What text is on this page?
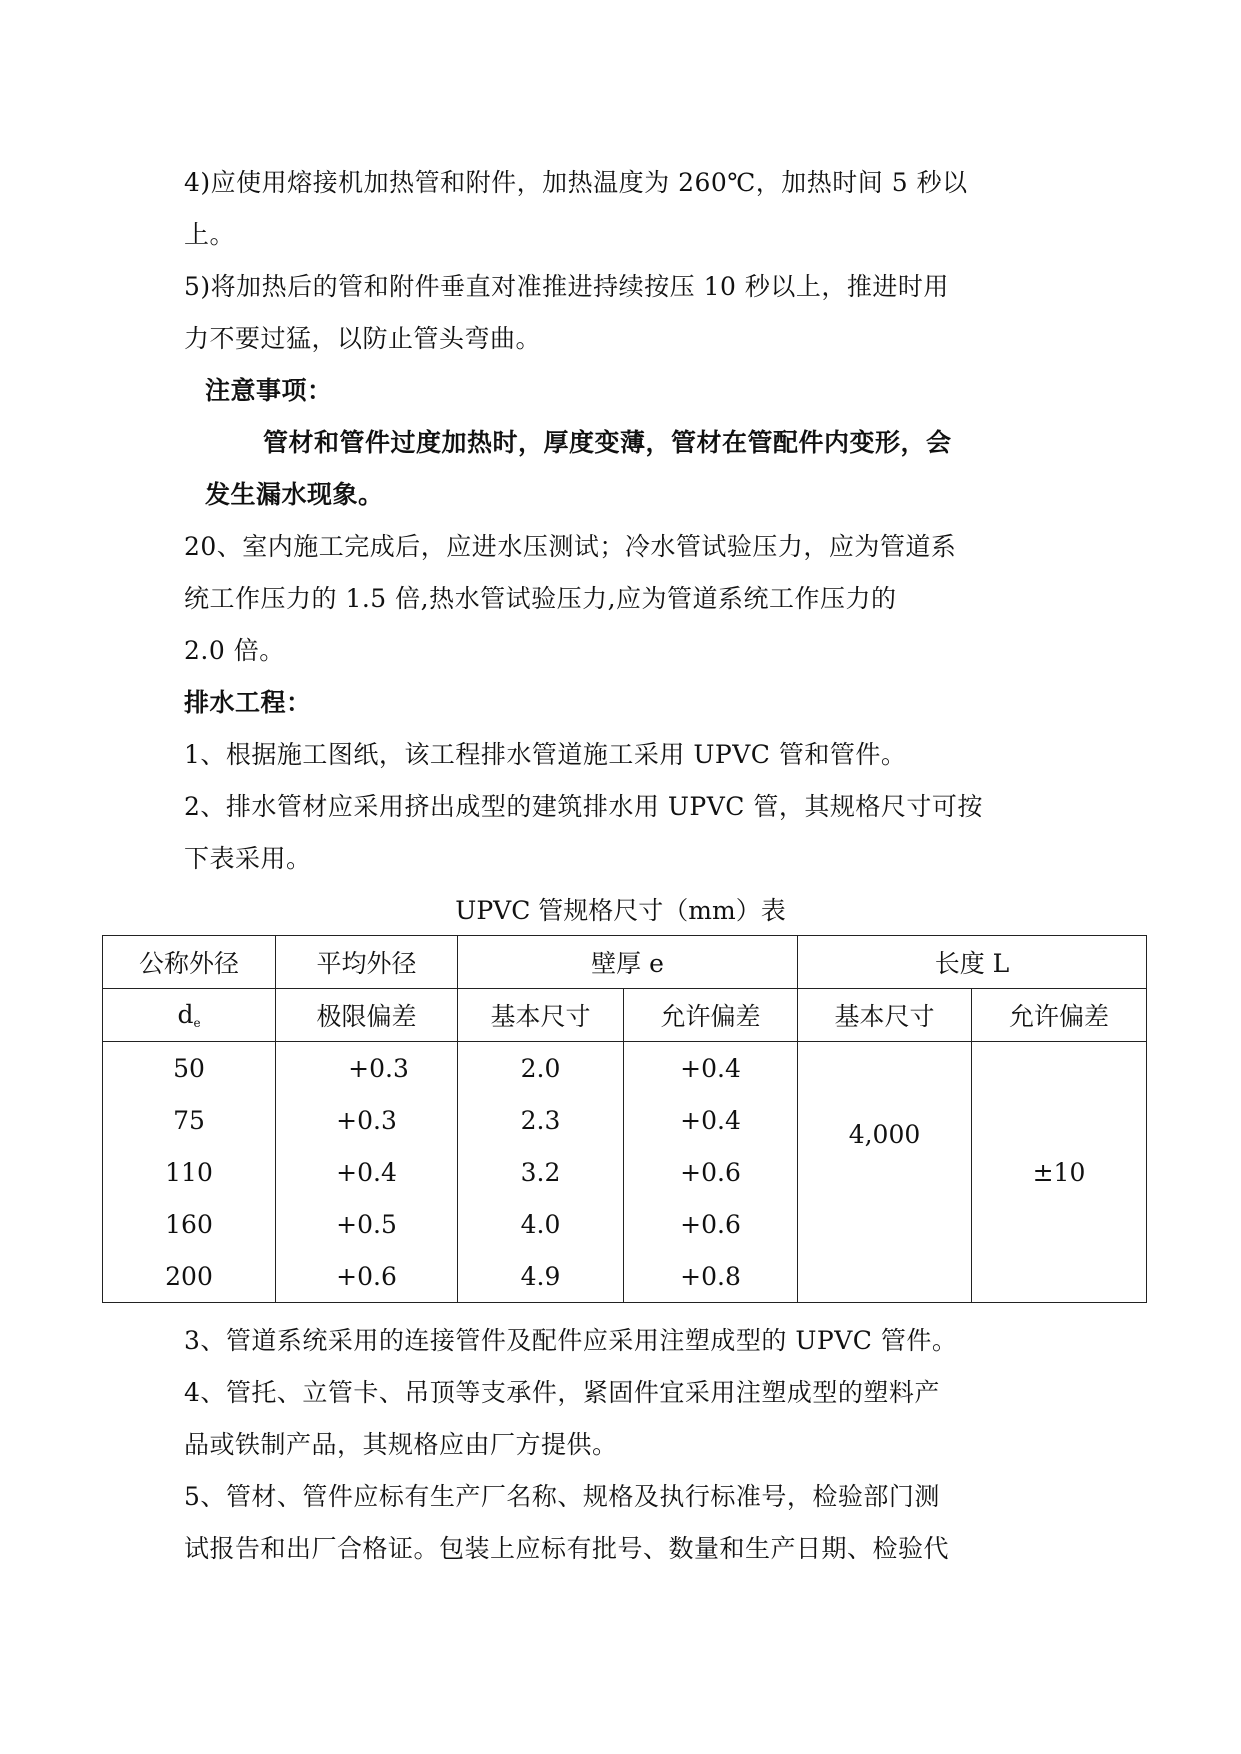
4)应使用熔接机加热管和附件，加热温度为 260℃，加热时间 5 秒以
上。
5)将加热后的管和附件垂直对准推进持续按压 10 秒以上，推进时用
力不要过猛，以防止管头弯曲。
注意事项：
管材和管件过度加热时，厚度变薄，管材在管配件内变形，会
发生漏水现象。
20、室内施工完成后，应进水压测试；冷水管试验压力，应为管道系
统工作压力的 1.5 倍,热水管试验压力,应为管道系统工作压力的
2.0 倍。
排水工程：
1、根据施工图纸，该工程排水管道施工采用 UPVC 管和管件。
2、排水管材应采用挤出成型的建筑排水用 UPVC 管，其规格尺寸可按
下表采用。
UPVC 管规格尺寸（mm）表
公称外径	平均外径	壁厚 e		长度 L	
$d_e$	极限偏差	基本尺寸	允许偏差	基本尺寸	允许偏差
50	+0.3	2.0	+0.4	4,000	±10
75	+0.3	2.3	+0.4		
110	+0.4	3.2	+0.6		
160	+0.5	4.0	+0.6		
200	+0.6	4.9	+0.8		
3、管道系统采用的连接管件及配件应采用注塑成型的 UPVC 管件。
4、管托、立管卡、吊顶等支承件，紧固件宜采用注塑成型的塑料产
品或铁制产品，其规格应由厂方提供。
5、管材、管件应标有生产厂名称、规格及执行标准号，检验部门测
试报告和出厂合格证。包装上应标有批号、数量和生产日期、检验代
